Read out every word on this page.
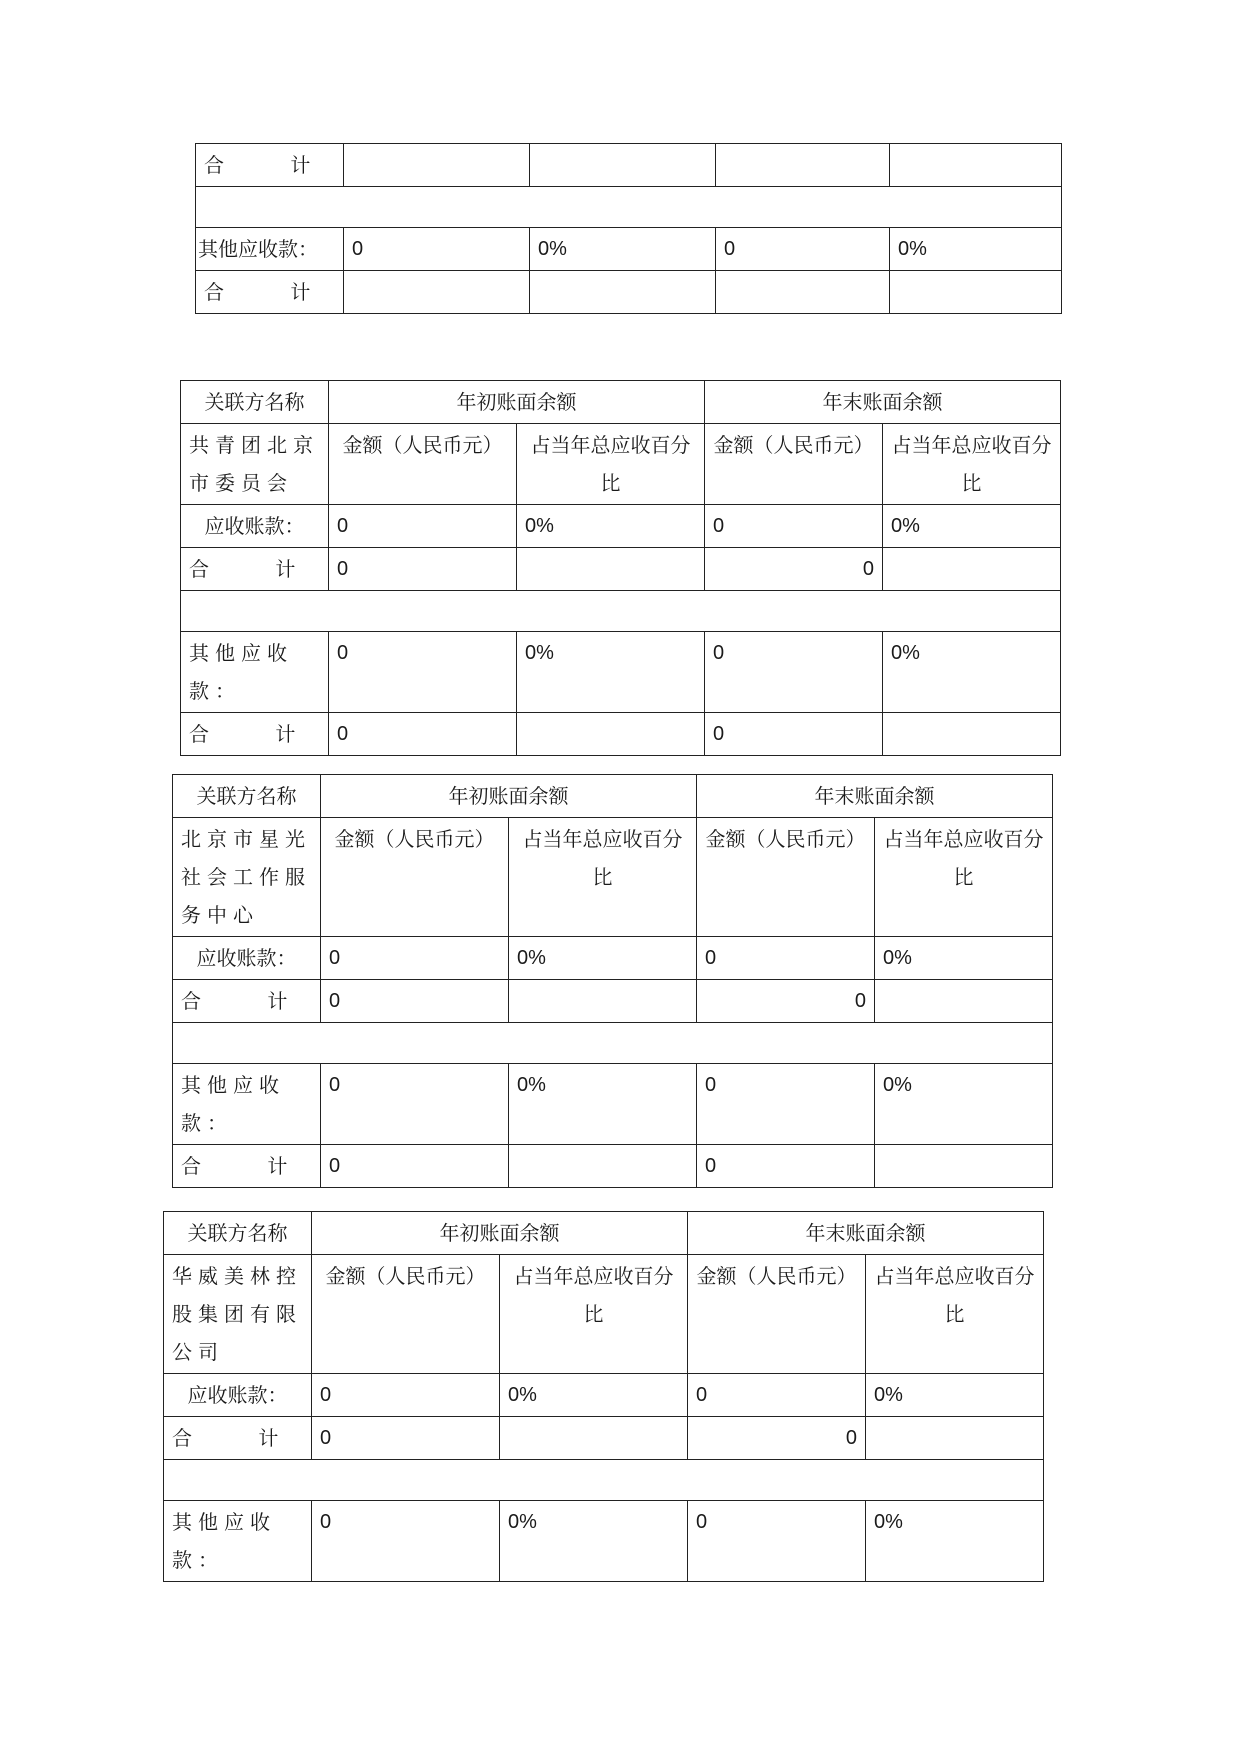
合 计				

其他应收款：	0	0%	0	0%
合 计				
关联方名称	年初账面余额		年末账面余额	
共青团北京市委员会	金额（人民币元）	占当年总应收百分比	金额（人民币元）	占当年总应收百分比
应收账款：	0	0%	0	0%
合 计	0		0	

其他应收款：	0	0%	0	0%
合 计	0		0	
关联方名称	年初账面余额		年末账面余额	
北京市星光社会工作服务中心	金额（人民币元）	占当年总应收百分比	金额（人民币元）	占当年总应收百分比
应收账款：	0	0%	0	0%
合 计	0		0	

其他应收款：	0	0%	0	0%
合 计	0		0	
关联方名称	年初账面余额		年末账面余额	
华威美林控股集团有限公司	金额（人民币元）	占当年总应收百分比	金额（人民币元）	占当年总应收百分比
应收账款：	0	0%	0	0%
合 计	0		0	

其他应收款：	0	0%	0	0%
